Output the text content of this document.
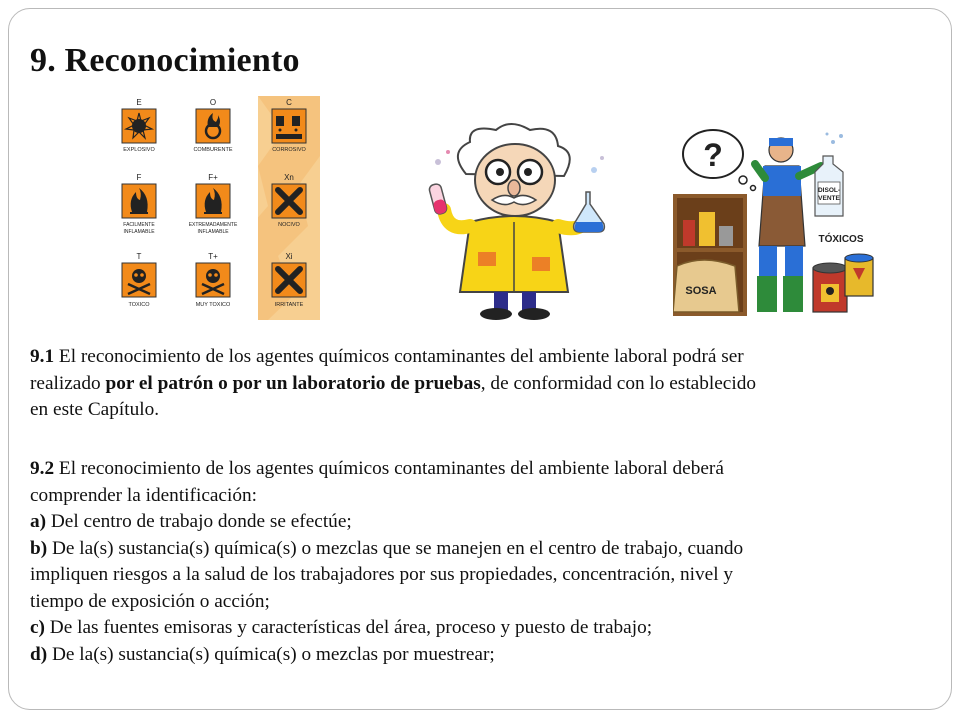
9. Reconocimiento
E
EXPLOSIVO
O
COMBURENTE
C
CORROSIVO
F
FACILMENTE
INFLAMABLE
F+
EXTREMADAMENTE
INFLAMABLE
Xn
NOCIVO
T
TOXICO
T+
MUY TOXICO
Xi
IRRITANTE
?
SOSA
DISOL-
VENTE
TÓXICOS
9.1 El reconocimiento de los agentes químicos contaminantes del ambiente laboral podrá ser
realizado por el patrón o por un laboratorio de pruebas, de conformidad con lo establecido
en este Capítulo.
9.2 El reconocimiento de los agentes químicos contaminantes del ambiente laboral deberá
comprender la identificación:
a) Del centro de trabajo donde se efectúe;
b) De la(s) sustancia(s) química(s) o mezclas que se manejen en el centro de trabajo, cuando
impliquen riesgos a la salud de los trabajadores por sus propiedades, concentración, nivel y
tiempo de exposición o acción;
c) De las fuentes emisoras y características del área, proceso y puesto de trabajo;
d) De la(s) sustancia(s) química(s) o mezclas por muestrear;
